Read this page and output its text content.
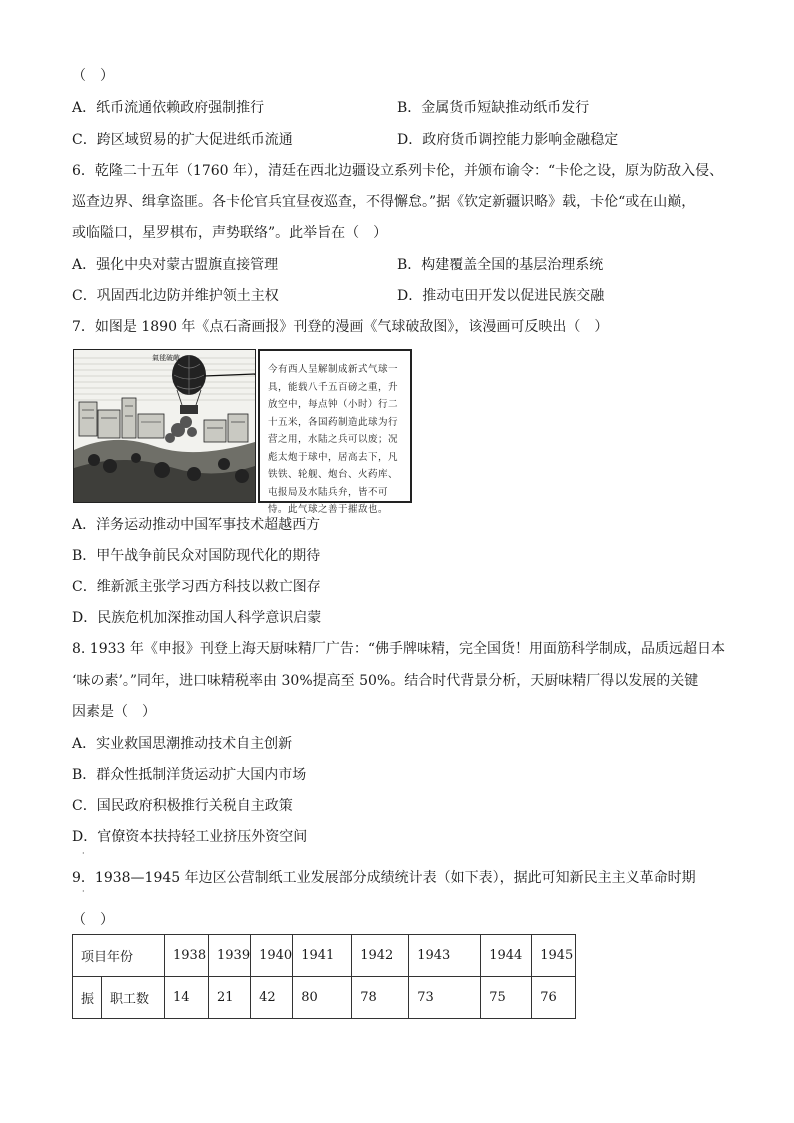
（　）
A．纸币流通依赖政府强制推行	B．金属货币短缺推动纸币发行
C．跨区域贸易的扩大促进纸币流通	D．政府货币调控能力影响金融稳定
6．乾隆二十五年（1760 年），清廷在西北边疆设立系列卡伦，并颁布谕令：“卡伦之设，原为防敌入侵、
巡查边界、缉拿盗匪。各卡伦官兵宜昼夜巡查，不得懈怠。”据《钦定新疆识略》载，卡伦“或在山巅，
或临隘口，星罗棋布，声势联络”。此举旨在（　）
A．强化中央对蒙古盟旗直接管理	B．构建覆盖全国的基层治理系统
C．巩固西北边防并维护领土主权	D．推动屯田开发以促进民族交融
7．如图是 1890 年《点石斋画报》刊登的漫画《气球破敌图》，该漫画可反映出（　）
氣毬破敵
今有西人呈解制成新式气球一具，能载八千五百磅之重，升放空中，每点钟（小时）行二十五米，各国药制造此球为行营之用，水陆之兵可以废；况彪太炮于球中，居高去下，凡铁铁、轮舰、炮台、火药库、屯报局及水陆兵弁，皆不可恃。此气球之善于摧敌也。
A．洋务运动推动中国军事技术超越西方
B．甲午战争前民众对国防现代化的期待
C．维新派主张学习西方科技以救亡图存
D．民族危机加深推动国人科学意识启蒙
8. 1933 年《申报》刊登上海天厨味精厂广告：“佛手牌味精，完全国货！用面筋科学制成，品质远超日本
‘味の素’。”同年，进口味精税率由 30%提高至 50%。结合时代背景分析，天厨味精厂得以发展的关键
因素是（　）
A．实业救国思潮推动技术自主创新
B．群众性抵制洋货运动扩大国内市场
C．国民政府积极推行关税自主政策
D．官僚资本扶持轻工业挤压外资空间
·
9．1938—1945 年边区公营制纸工业发展部分成绩统计表（如下表），据此可知新民主主义革命时期
·
（　）
项目年份		1938	1939	1940	1941	1942	1943	1944	1945
振	职工数	14	21	42	80	78	73	75	76
